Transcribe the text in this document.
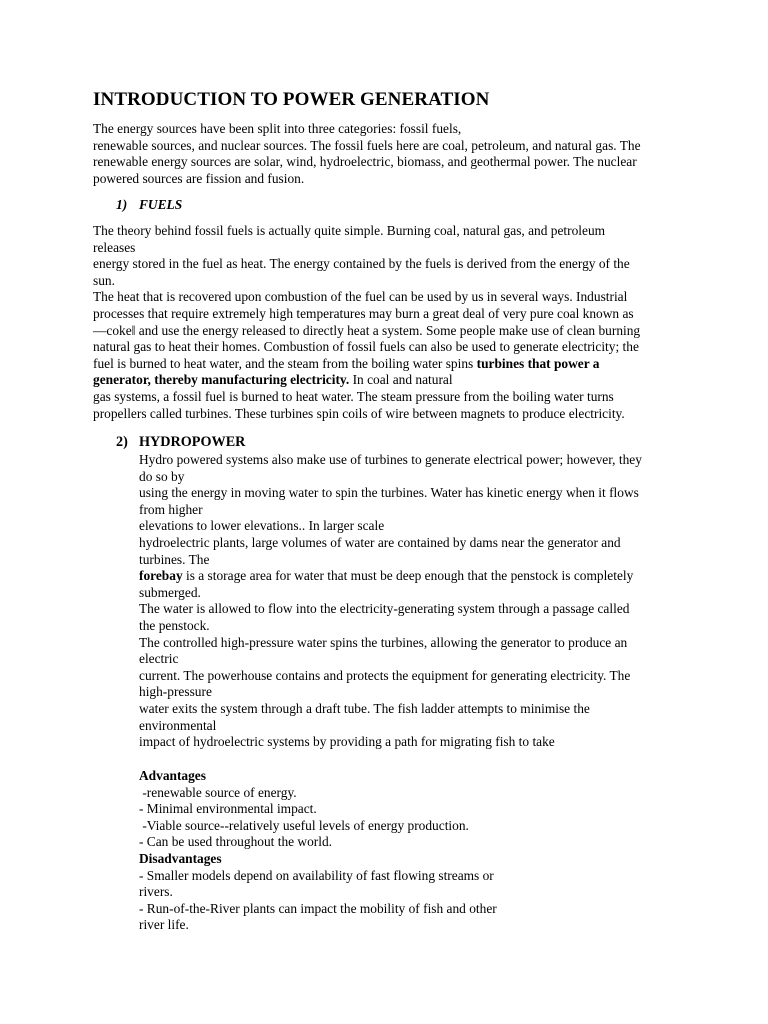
INTRODUCTION TO POWER GENERATION
The energy sources have been split into three categories: fossil fuels,
renewable sources, and nuclear sources. The fossil fuels here are coal, petroleum, and natural gas. The
renewable energy sources are solar, wind, hydroelectric, biomass, and geothermal power. The nuclear
powered sources are fission and fusion.
1) FUELS
The theory behind fossil fuels is actually quite simple. Burning coal, natural gas, and petroleum
releases
energy stored in the fuel as heat. The energy contained by the fuels is derived from the energy of the
sun.
The heat that is recovered upon combustion of the fuel can be used by us in several ways. Industrial
processes that require extremely high temperatures may burn a great deal of very pure coal known as
―coke‖ and use the energy released to directly heat a system. Some people make use of clean burning
natural gas to heat their homes. Combustion of fossil fuels can also be used to generate electricity; the
fuel is burned to heat water, and the steam from the boiling water spins turbines that power a
generator, thereby manufacturing electricity. In coal and natural
gas systems, a fossil fuel is burned to heat water. The steam pressure from the boiling water turns
propellers called turbines. These turbines spin coils of wire between magnets to produce electricity.
2) HYDROPOWER
Hydro powered systems also make use of turbines to generate electrical power; however, they
do so by
using the energy in moving water to spin the turbines. Water has kinetic energy when it flows
from higher
elevations to lower elevations.. In larger scale
hydroelectric plants, large volumes of water are contained by dams near the generator and
turbines. The
forebay is a storage area for water that must be deep enough that the penstock is completely
submerged.
The water is allowed to flow into the electricity-generating system through a passage called
the penstock.
The controlled high-pressure water spins the turbines, allowing the generator to produce an
electric
current. The powerhouse contains and protects the equipment for generating electricity. The
high-pressure
water exits the system through a draft tube. The fish ladder attempts to minimise the
environmental
impact of hydroelectric systems by providing a path for migrating fish to take
Advantages
-renewable source of energy.
- Minimal environmental impact.
-Viable source--relatively useful levels of energy production.
- Can be used throughout the world.
Disadvantages
- Smaller models depend on availability of fast flowing streams or
rivers.
- Run-of-the-River plants can impact the mobility of fish and other
river life.
